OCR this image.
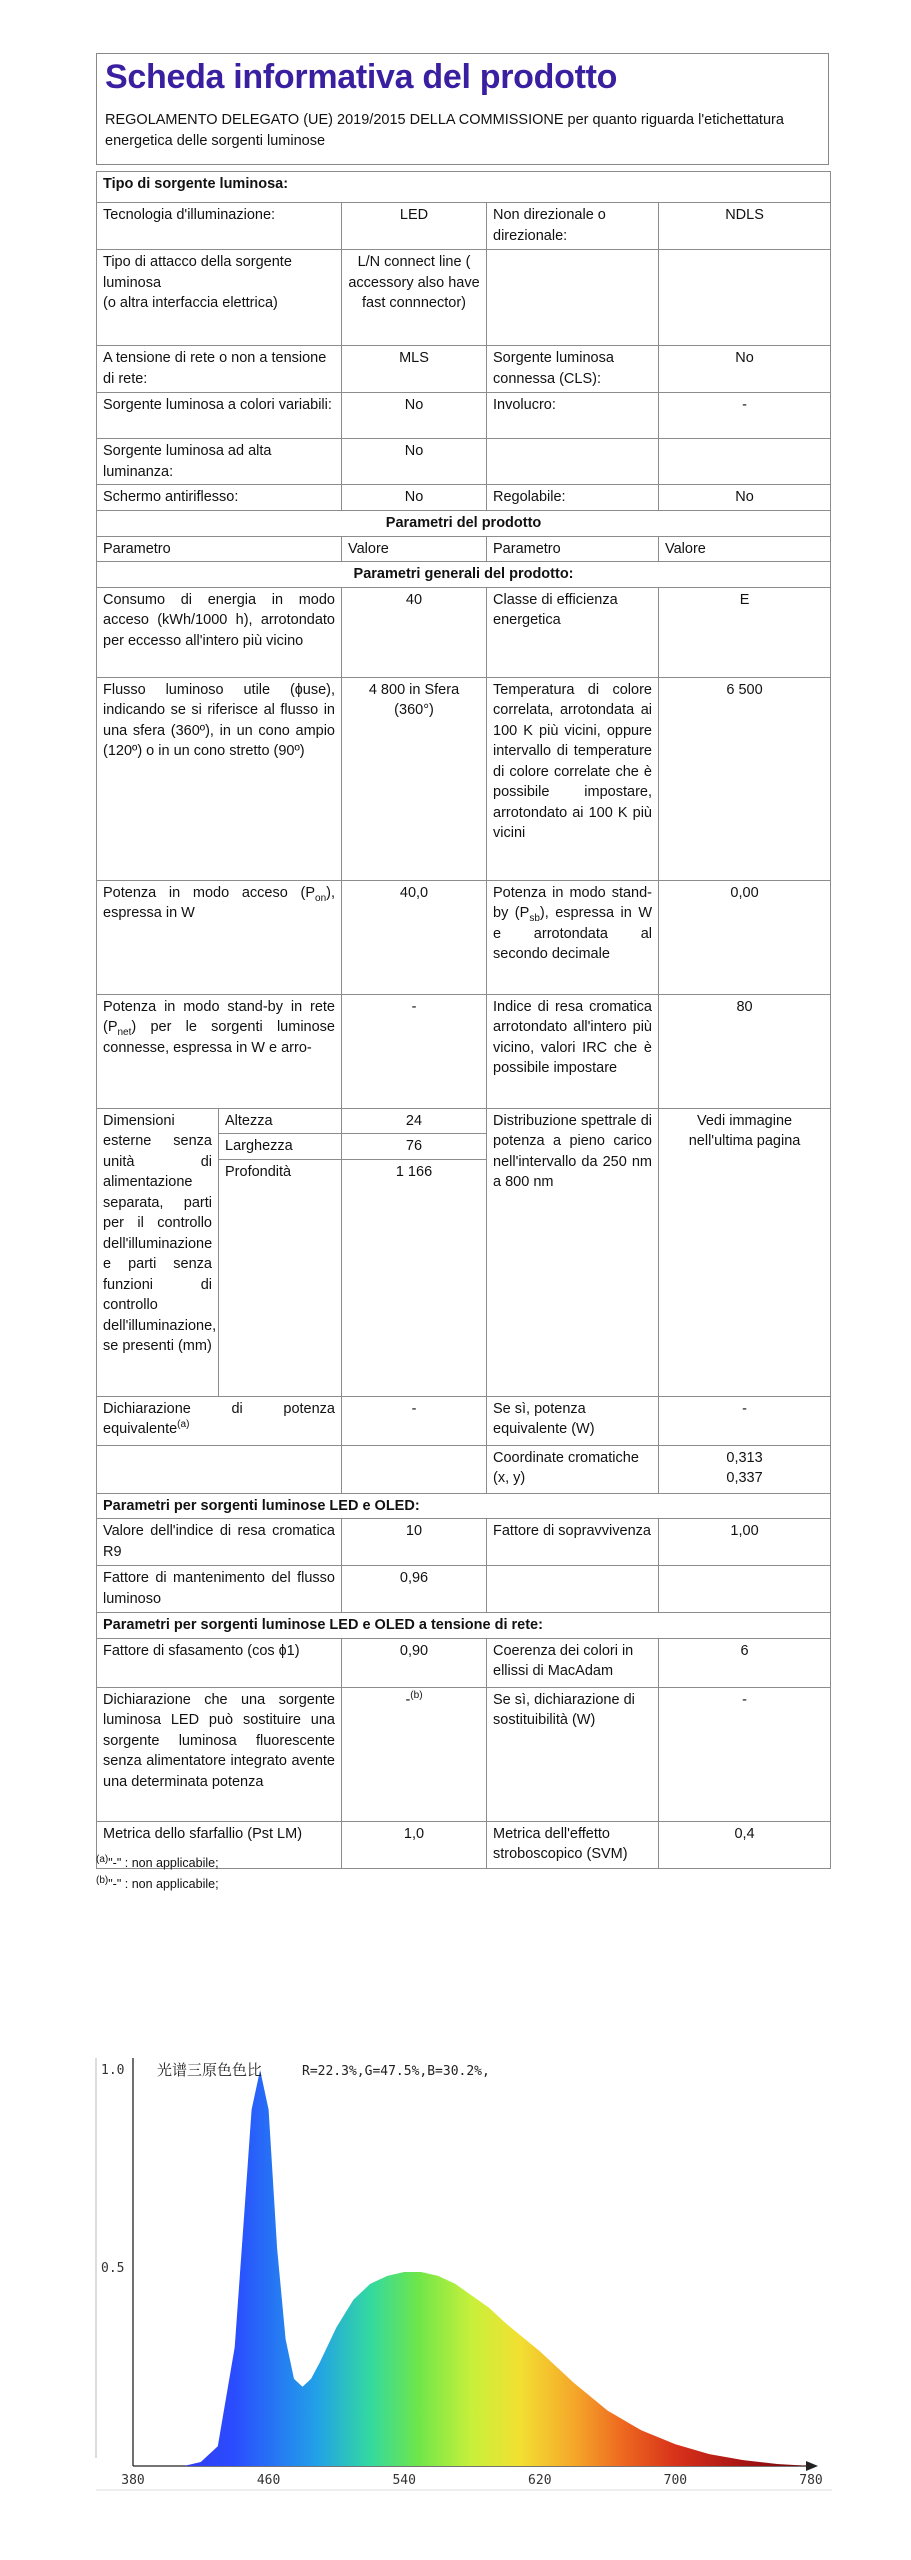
Scheda informativa del prodotto
REGOLAMENTO DELEGATO (UE) 2019/2015 DELLA COMMISSIONE per quanto riguarda l'etichettatura energetica delle sorgenti luminose
Tipo di sorgente luminosa:				
Tecnologia d'illuminazione:		LED	Non direzionale o direzionale:	NDLS

Tipo di attacco della sorgente luminosa
(o altra interfaccia elettrica)		L/N connect line ( accessory also have fast connnector)		
A tensione di rete o non a tensione di rete:		MLS	Sorgente luminosa connessa (CLS):	No
Sorgente luminosa a colori variabili:		No	Involucro:	-
Sorgente luminosa ad alta luminanza:		No		
Schermo antiriflesso:		No	Regolabile:	No
Parametri del prodotto				
Parametro		Valore	Parametro	Valore
Parametri generali del prodotto:				
Consumo di energia in modo acceso (kWh/1000 h), arrotondato per eccesso all'intero più vicino		40	Classe di efficienza energetica	E
Flusso luminoso utile (ɸuse), indicando se si riferisce al flusso in una sfera (360º), in un cono ampio (120º) o in un cono stretto (90º)		4 800 in Sfera (360°)	Temperatura di colore correlata, arrotondata ai 100 K più vicini, oppure intervallo di temperature di colore correlate che è possibile impostare, arrotondato ai 100 K più vicini	6 500
Potenza in modo acceso $(P_{on})$, espressa in W		40,0	Potenza in modo stand-by $(P_{sb})$, espressa in W e arrotondata al secondo decimale	0,00
Potenza in modo stand-by in rete $(P_{net})$ per le sorgenti luminose connesse, espressa in W e arro-		-	Indice di resa cromatica arrotondato all'intero più vicino, valori IRC che è possibile impostare	80
Dimensioni esterne senza unità di alimentazione separata, parti per il controllo dell'illuminazione e parti senza funzioni di controllo dell'illuminazione, se presenti (mm)	Altezza	24	Distribuzione spettrale di potenza a pieno carico nell'intervallo da 250 nm a 800 nm	Vedi immagine nell'ultima pagina
	Larghezza	76		
	Profondità	1 166		
Dichiarazione di potenza equivalente$^{(a)}$		-	Se sì, potenza equivalente (W)	-
			Coordinate cromatiche (x, y)	0,313
0,337

Parametri per sorgenti luminose LED e OLED:				
Valore dell'indice di resa cromatica R9		10	Fattore di sopravvivenza	1,00
Fattore di mantenimento del flusso luminoso		0,96		
Parametri per sorgenti luminose LED e OLED a tensione di rete:				
Fattore di sfasamento (cos ɸ1)		0,90	Coerenza dei colori in ellissi di MacAdam	6
Dichiarazione che una sorgente luminosa LED può sostituire una sorgente luminosa fluorescente senza alimentatore integrato avente una determinata potenza		-$^{(b)}$	Se sì, dichiarazione di sostituibilità (W)	-
Metrica dello sfarfallio (Pst LM)		1,0	Metrica dell'effetto stroboscopico (SVM)	0,4
$^{(a)}$"-" : non applicabile;
$^{(b)}$"-" : non applicabile;
1.0
0.5
380	460	540	620	700	780
光谱三原色色比	R=22.3%,G=47.5%,B=30.2%,
